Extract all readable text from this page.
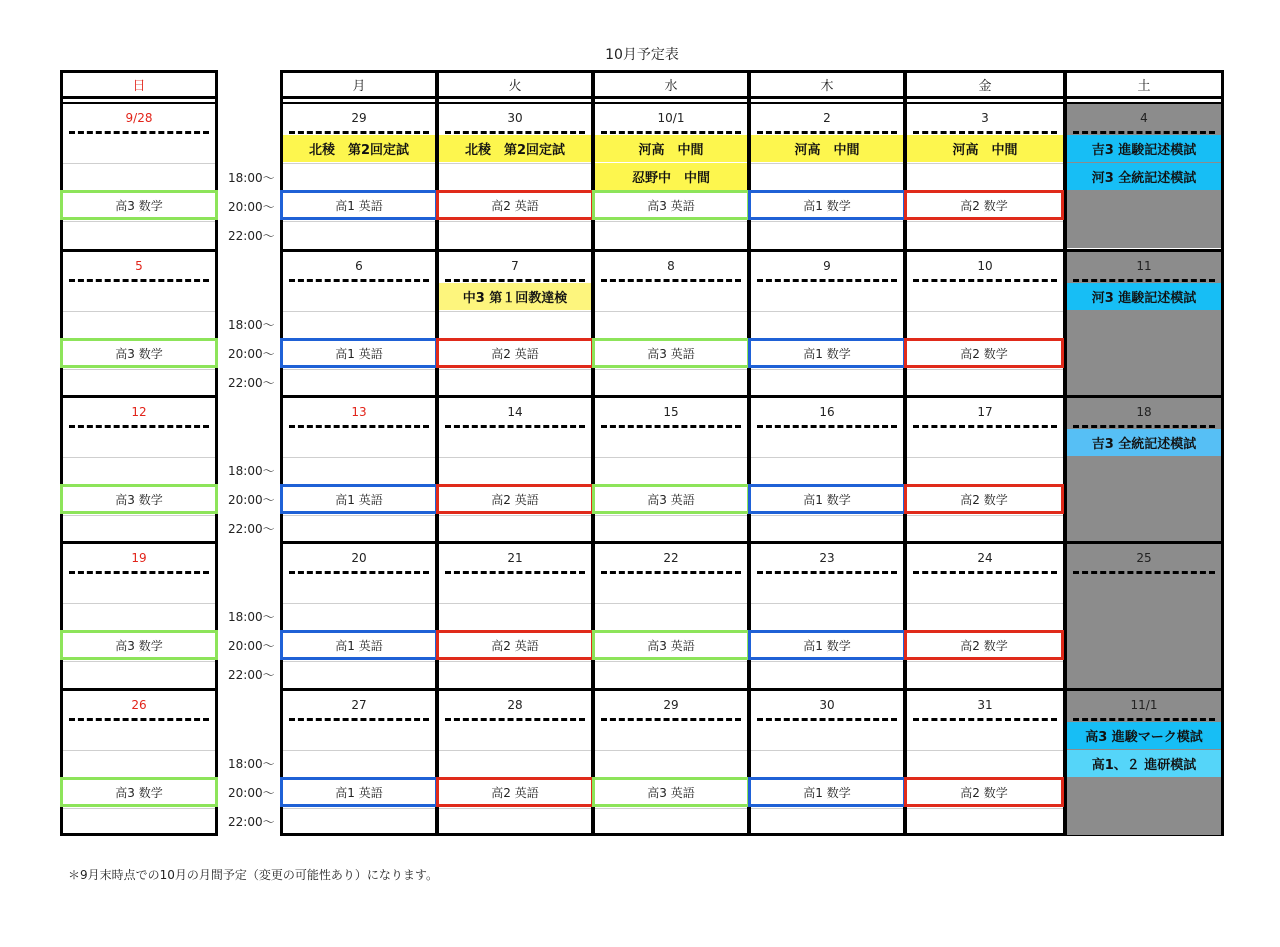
10月予定表
日
9/28
高3 数学
5
高3 数学
12
高3 数学
19
高3 数学
26
高3 数学
月
29
北稜　第2回定試
高1 英語
6
高1 英語
13
高1 英語
20
高1 英語
27
高1 英語
火
30
北稜　第2回定試
高2 英語
7
中3 第１回教達検
高2 英語
14
高2 英語
21
高2 英語
28
高2 英語
水
10/1
河高　中間
忍野中　中間
高3 英語
8
高3 英語
15
高3 英語
22
高3 英語
29
高3 英語
木
2
河高　中間
高1 数学
9
高1 数学
16
高1 数学
23
高1 数学
30
高1 数学
金
3
河高　中間
高2 数学
10
高2 数学
17
高2 数学
24
高2 数学
31
高2 数学
土
4
吉3 進駿記述模試
河3 全統記述模試
11
河3 進駿記述模試
18
吉3 全統記述模試
25
11/1
高3 進駿マーク模試
高1、２ 進研模試
18:00〜
20:00〜
22:00〜
18:00〜
20:00〜
22:00〜
18:00〜
20:00〜
22:00〜
18:00〜
20:00〜
22:00〜
18:00〜
20:00〜
22:00〜
＊9月末時点での10月の月間予定（変更の可能性あり）になります。
